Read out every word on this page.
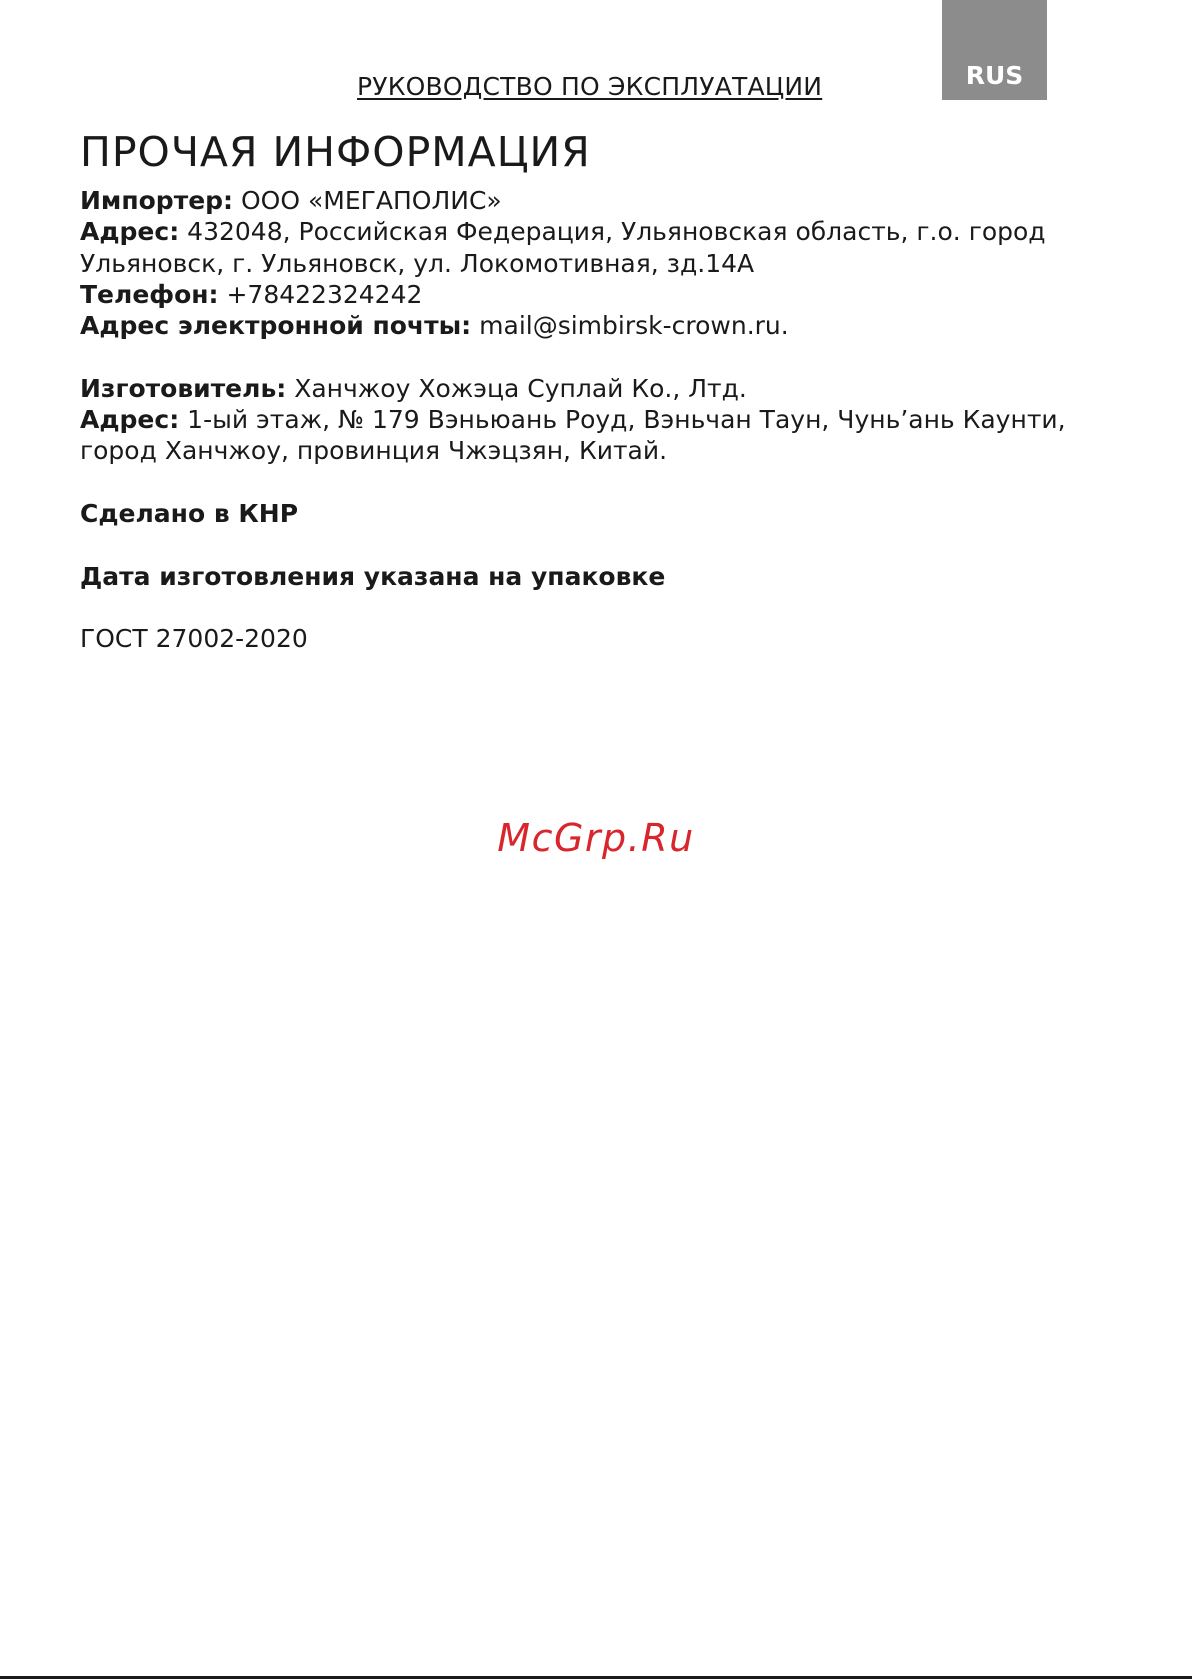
РУКОВОДСТВО ПО ЭКСПЛУАТАЦИИ	RUS
ПРОЧАЯ ИНФОРМАЦИЯ

Импортер: ООО «МЕГАПОЛИС»

Адрес: 432048, Российская Федерация, Ульяновская область, г.о. город Ульяновск, г. Ульяновск, ул. Локомотивная, зд.14А

Телефон: +78422324242

Адрес электронной почты: mail@simbirsk-crown.ru.

Изготовитель: Ханчжоу Хожэца Суплай Ко., Лтд.

Адрес: 1-ый этаж, № 179 Вэньюань Роуд, Вэньчан Таун, Чунь’ань Каунти, город Ханчжоу, провинция Чжэцзян, Китай.

Сделано в КНР

Дата изготовления указана на упаковке

ГОСТ 27002-2020

McGrp.Ru
